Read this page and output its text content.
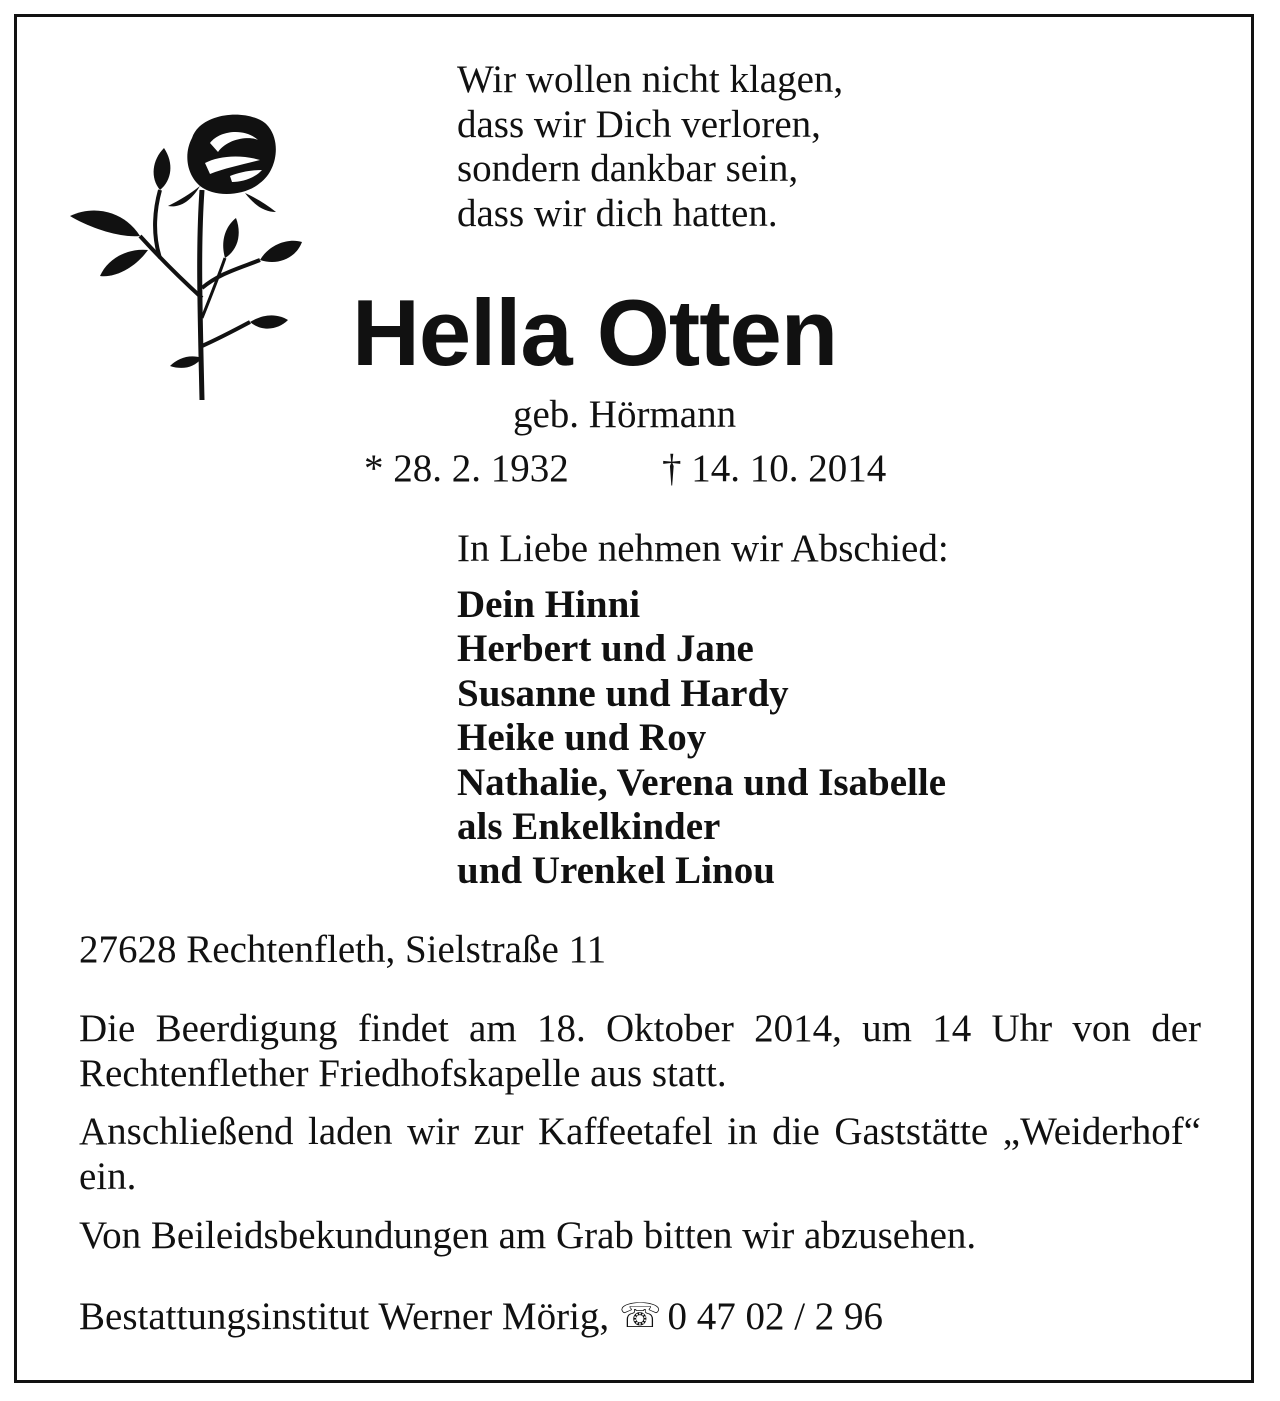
Wir wollen nicht klagen,
dass wir Dich verloren,
sondern dankbar sein,
dass wir dich hatten.
Hella Otten
geb. Hörmann
* 28. 2. 1932 † 14. 10. 2014
In Liebe nehmen wir Abschied:
Dein Hinni
Herbert und Jane
Susanne und Hardy
Heike und Roy
Nathalie, Verena und Isabelle
als Enkelkinder
und Urenkel Linou
27628 Rechtenfleth, Sielstraße 11
Die Beerdigung findet am 18. Oktober 2014, um 14 Uhr von der Rechtenflether Friedhofskapelle aus statt.
Anschließend laden wir zur Kaffeetafel in die Gaststätte „Weiderhof“ ein.
Von Beileidsbekundungen am Grab bitten wir abzusehen.
Bestattungsinstitut Werner Mörig, ☏ 0 47 02 / 2 96
